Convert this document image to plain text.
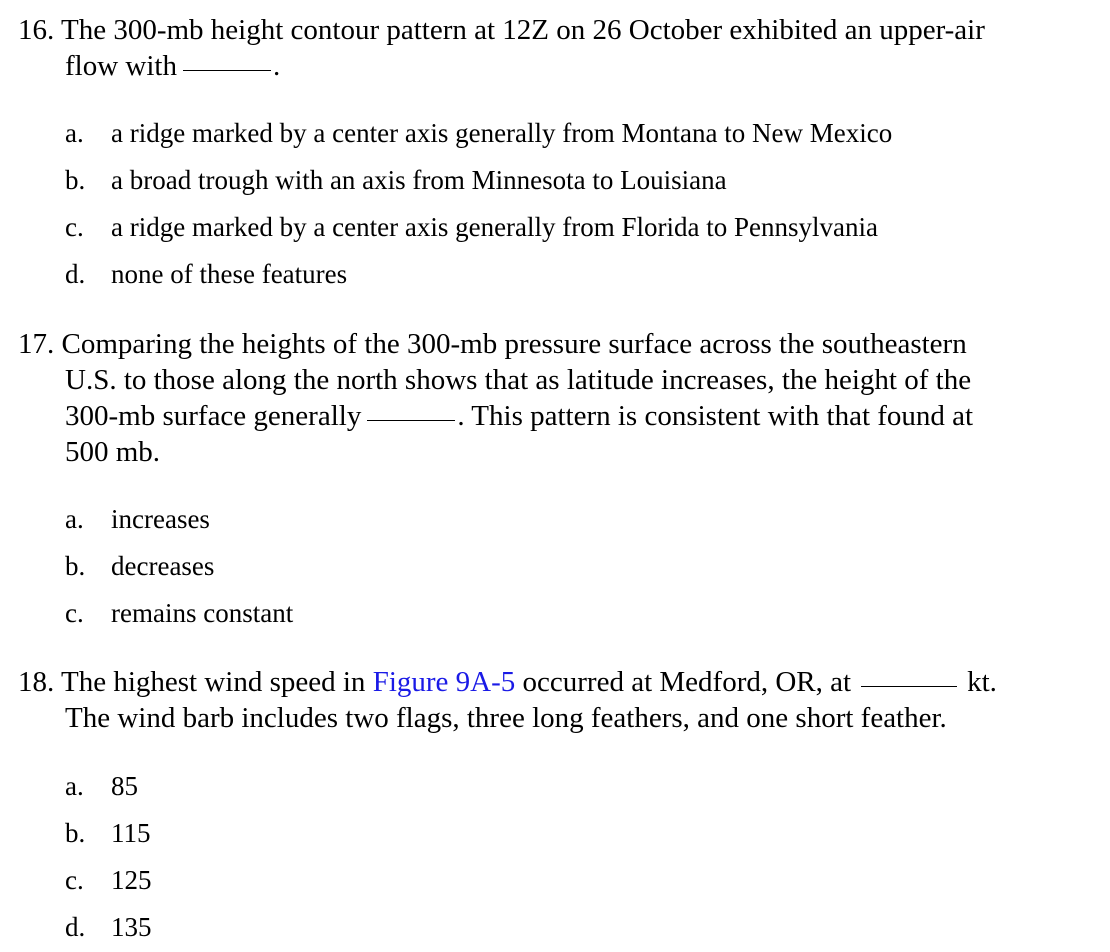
16. The 300-mb height contour pattern at 12Z on 26 October exhibited an upper-air
flow with	.
a. a ridge marked by a center axis generally from Montana to New Mexico
b. a broad trough with an axis from Minnesota to Louisiana
c. a ridge marked by a center axis generally from Florida to Pennsylvania
d. none of these features
17. Comparing the heights of the 300-mb pressure surface across the southeastern
U.S. to those along the north shows that as latitude increases, the height of the
300-mb surface generally	. This pattern is consistent with that found at
500 mb.
a. increases
b. decreases
c. remains constant
18. The highest wind speed in Figure 9A-5 occurred at Medford, OR, at	kt.
The wind barb includes two flags, three long feathers, and one short feather.
a. 85
b. 115
c. 125
d. 135
